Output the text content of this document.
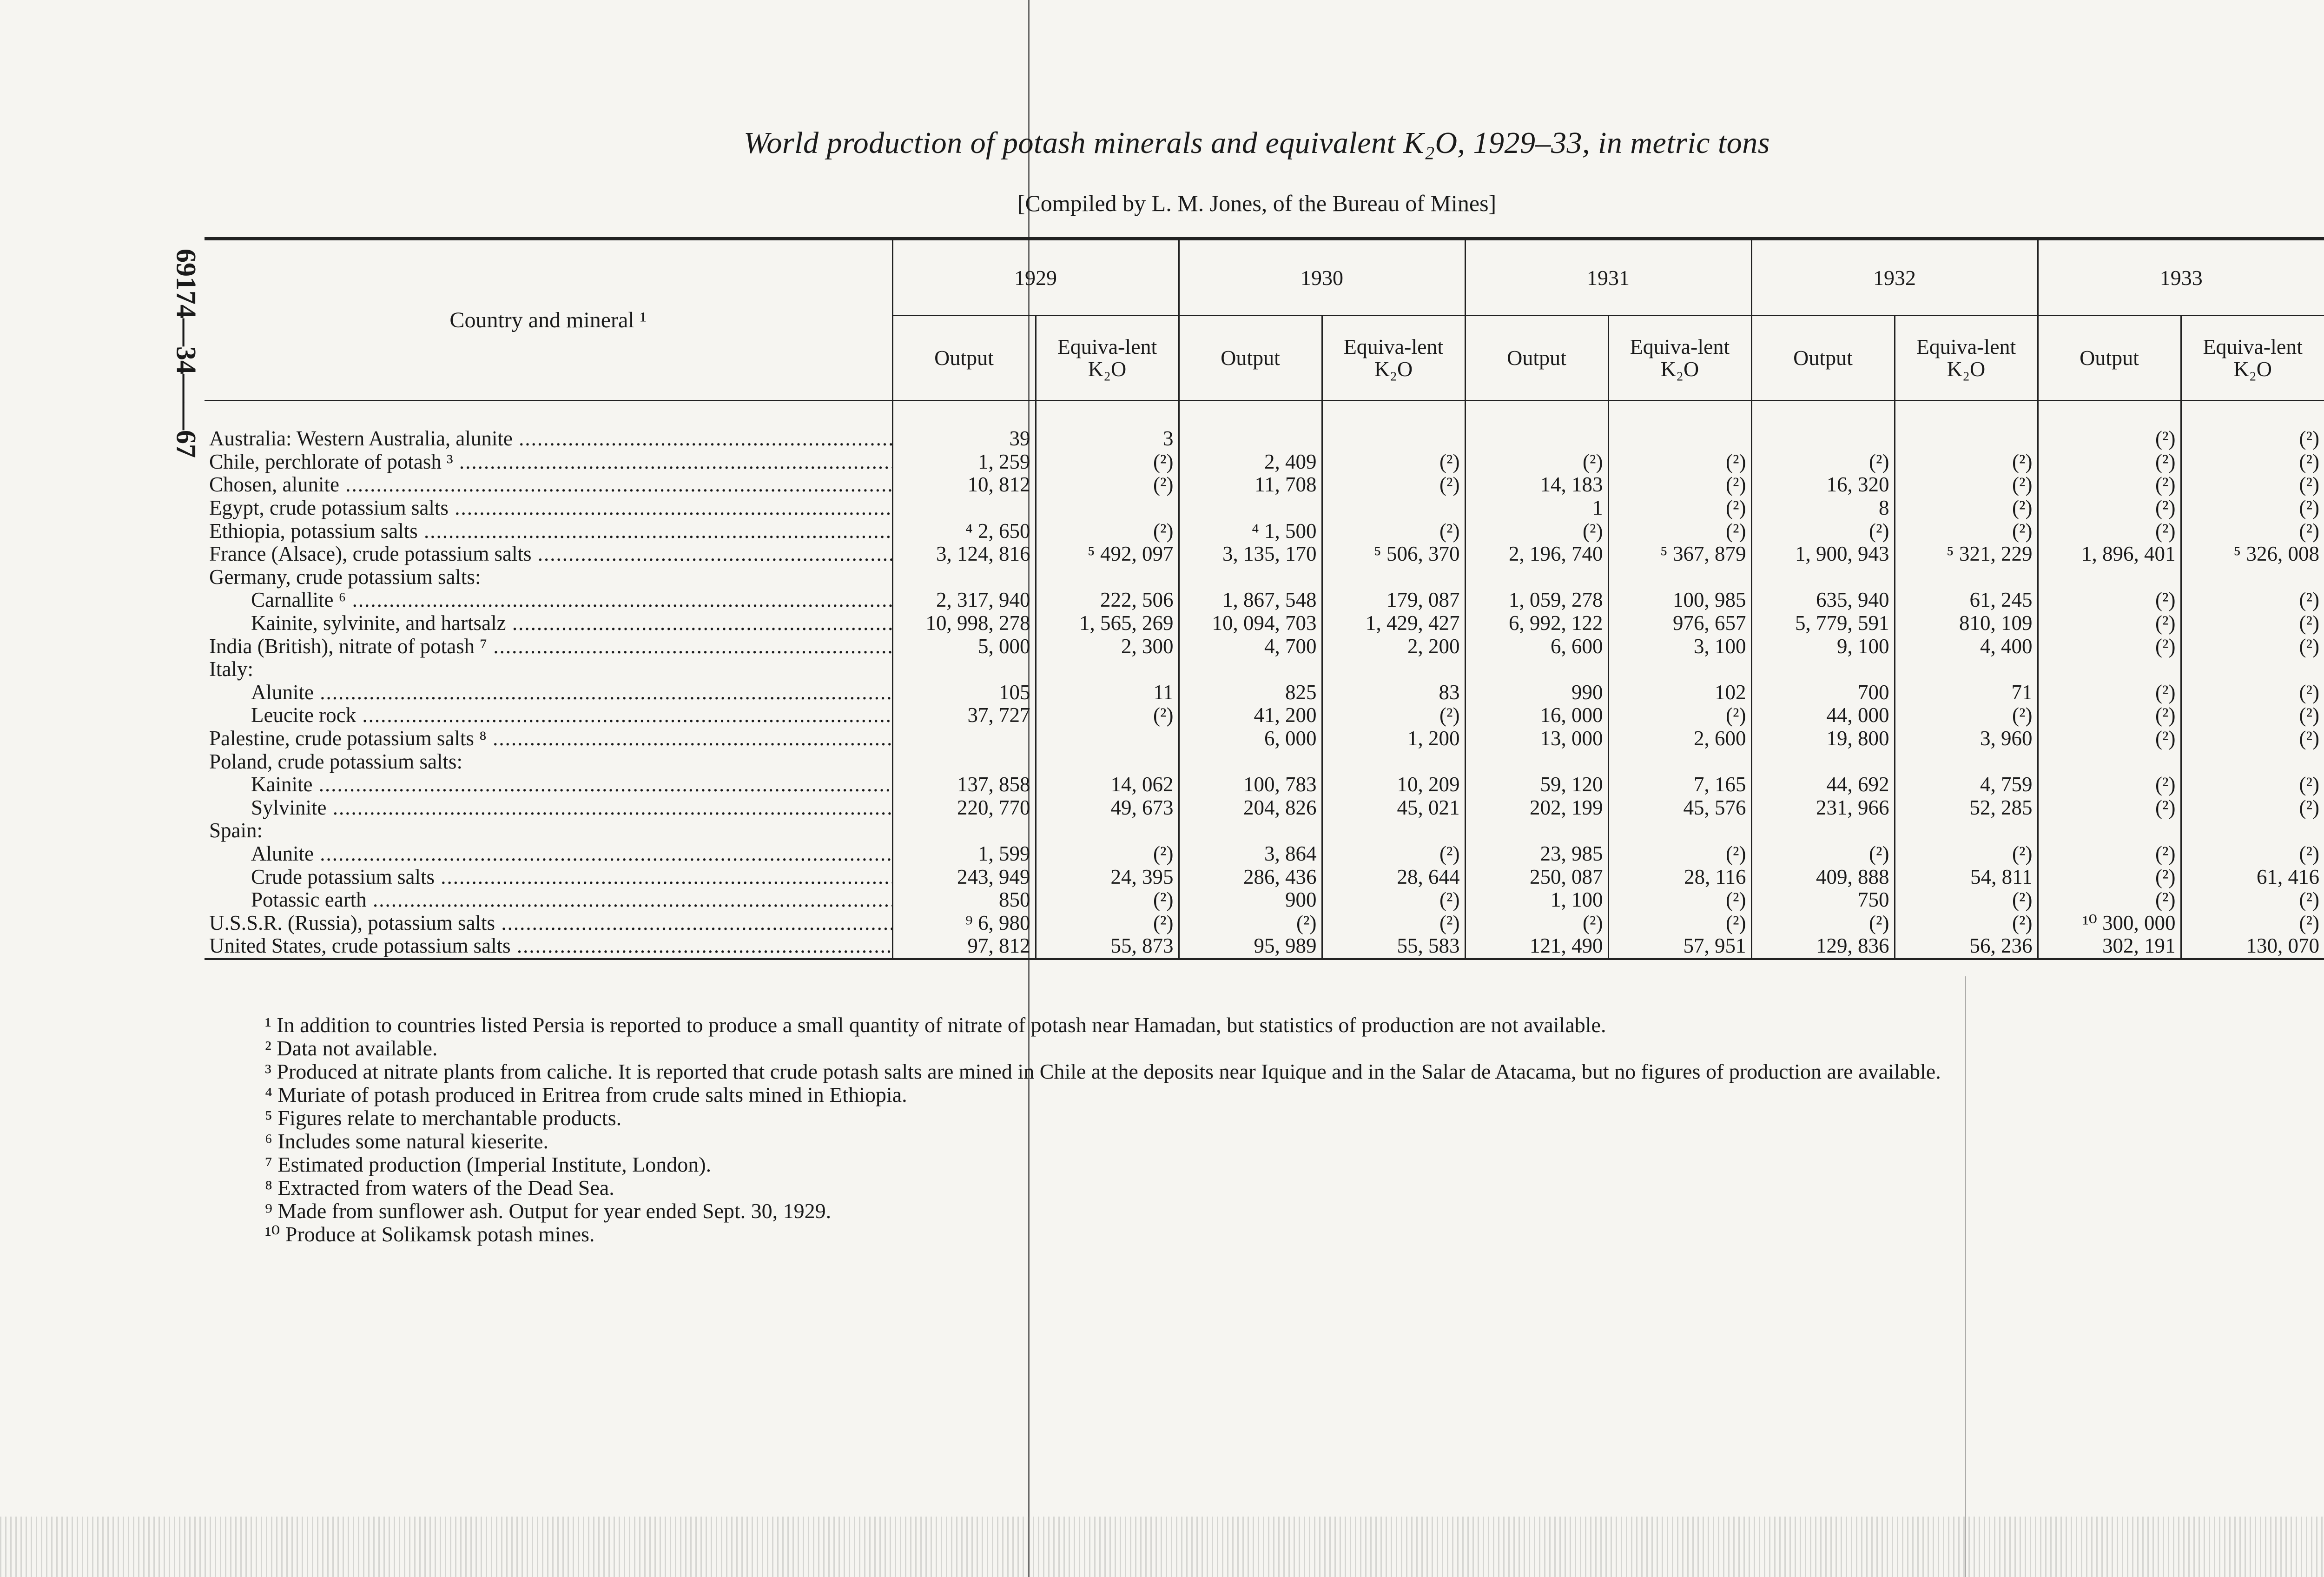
World production of potash minerals and equivalent K₂O, 1929–33, in metric tons
[Compiled by L. M. Jones, of the Bureau of Mines]
69174—34——67	Country and mineral ¹	1929		1930		1931		1932		1933	
	Output	Equiva-lent K₂O	Output	Equiva-lent K₂O	Output	Equiva-lent K₂O	Output	Equiva-lent K₂O	Output	Equiva-lent K₂O

Australia: Western Australia, alunite .....	39	3							(²)	(²)
Chile, perchlorate of potash ³ .....	1, 259	(²)	2, 409	(²)	(²)	(²)	(²)	(²)	(²)	(²)
Chosen, alunite .....	10, 812	(²)	11, 708	(²)	14, 183	(²)	16, 320	(²)	(²)	(²)
Egypt, crude potassium salts .....					1	(²)	8	(²)	(²)	(²)
Ethiopia, potassium salts .....	⁴ 2, 650	(²)	⁴ 1, 500	(²)	(²)	(²)	(²)	(²)	(²)	(²)
France (Alsace), crude potassium salts .....	3, 124, 816	⁵ 492, 097	3, 135, 170	⁵ 506, 370	2, 196, 740	⁵ 367, 879	1, 900, 943	⁵ 321, 229	1, 896, 401	⁵ 326, 008
Germany, crude potassium salts:										
Carnallite ⁶ .....	2, 317, 940	222, 506	1, 867, 548	179, 087	1, 059, 278	100, 985	635, 940	61, 245	(²)	(²)
Kainite, sylvinite, and hartsalz .....	10, 998, 278	1, 565, 269	10, 094, 703	1, 429, 427	6, 992, 122	976, 657	5, 779, 591	810, 109	(²)	(²)
India (British), nitrate of potash ⁷ .....	5, 000	2, 300	4, 700	2, 200	6, 600	3, 100	9, 100	4, 400	(²)	(²)
Italy:										
Alunite .....	105	11	825	83	990	102	700	71	(²)	(²)
Leucite rock .....	37, 727	(²)	41, 200	(²)	16, 000	(²)	44, 000	(²)	(²)	(²)
Palestine, crude potassium salts ⁸ .....			6, 000	1, 200	13, 000	2, 600	19, 800	3, 960	(²)	(²)
Poland, crude potassium salts:										
Kainite .....	137, 858	14, 062	100, 783	10, 209	59, 120	7, 165	44, 692	4, 759	(²)	(²)
Sylvinite .....	220, 770	49, 673	204, 826	45, 021	202, 199	45, 576	231, 966	52, 285	(²)	(²)
Spain:										
Alunite .....	1, 599	(²)	3, 864	(²)	23, 985	(²)	(²)	(²)	(²)	(²)
Crude potassium salts .....	243, 949	24, 395	286, 436	28, 644	250, 087	28, 116	409, 888	54, 811	(²)	61, 416
Potassic earth .....	850	(²)	900	(²)	1, 100	(²)	750	(²)	(²)	(²)
U.S.S.R. (Russia), potassium salts .....	⁹ 6, 980	(²)	(²)	(²)	(²)	(²)	(²)	(²)	¹⁰ 300, 000	(²)
United States, crude potassium salts .....	97, 812	55, 873	95, 989	55, 583	121, 490	57, 951	129, 836	56, 236	302, 191	130, 070
¹ In addition to countries listed Persia is reported to produce a small quantity of nitrate of potash near Hamadan, but statistics of production are not available.
² Data not available.
³ Produced at nitrate plants from caliche. It is reported that crude potash salts are mined in Chile at the deposits near Iquique and in the Salar de Atacama, but no figures of production are available.
⁴ Muriate of potash produced in Eritrea from crude salts mined in Ethiopia.
⁵ Figures relate to merchantable products.
⁶ Includes some natural kieserite.
⁷ Estimated production (Imperial Institute, London).
⁸ Extracted from waters of the Dead Sea.
⁹ Made from sunflower ash. Output for year ended Sept. 30, 1929.
¹⁰ Produce at Solikamsk potash mines.
